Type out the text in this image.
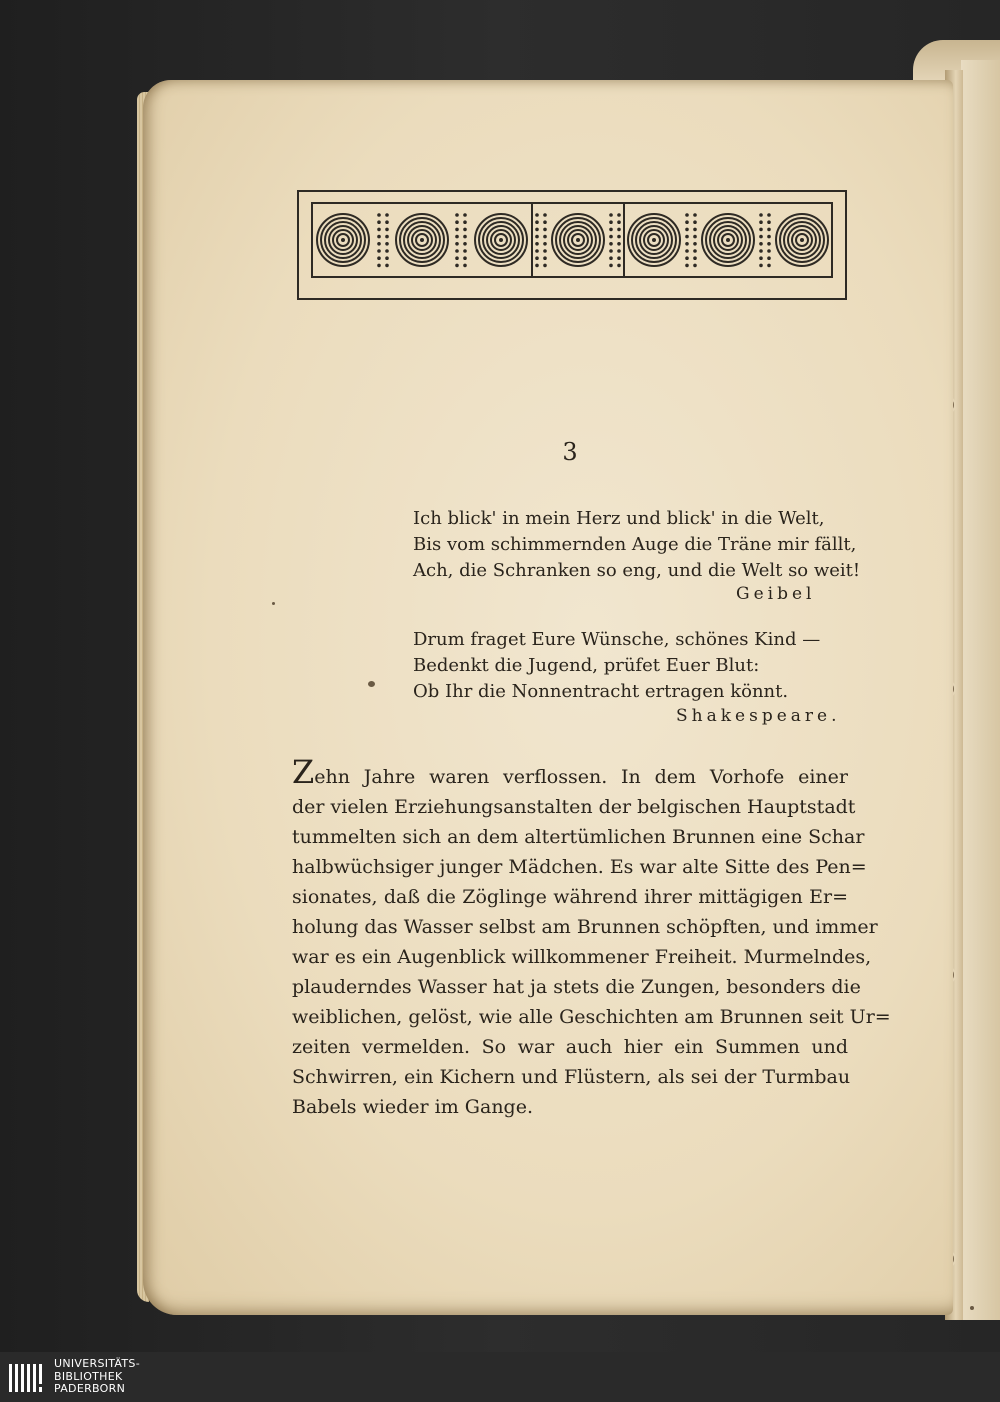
3
Ich blick' in mein Herz und blick' in die Welt,
Bis vom schimmernden Auge die Träne mir fällt,
Ach, die Schranken so eng, und die Welt so weit!
Geibel
Drum fraget Eure Wünsche, schönes Kind —
Bedenkt die Jugend, prüfet Euer Blut:
Ob Ihr die Nonnentracht ertragen könnt.
Shakespeare.
Zehn Jahre waren verflossen. In dem Vorhofe einer
der vielen Erziehungsanstalten der belgischen Hauptstadt
tummelten sich an dem altertümlichen Brunnen eine Schar
halbwüchsiger junger Mädchen. Es war alte Sitte des Pen=
sionates, daß die Zöglinge während ihrer mittägigen Er=
holung das Wasser selbst am Brunnen schöpften, und immer
war es ein Augenblick willkommener Freiheit. Murmelndes,
plauderndes Wasser hat ja stets die Zungen, besonders die
weiblichen, gelöst, wie alle Geschichten am Brunnen seit Ur=
zeiten vermelden. So war auch hier ein Summen und
Schwirren, ein Kichern und Flüstern, als sei der Turmbau
Babels wieder im Gange.
UNIVERSITÄTS-
BIBLIOTHEK
PADERBORN
